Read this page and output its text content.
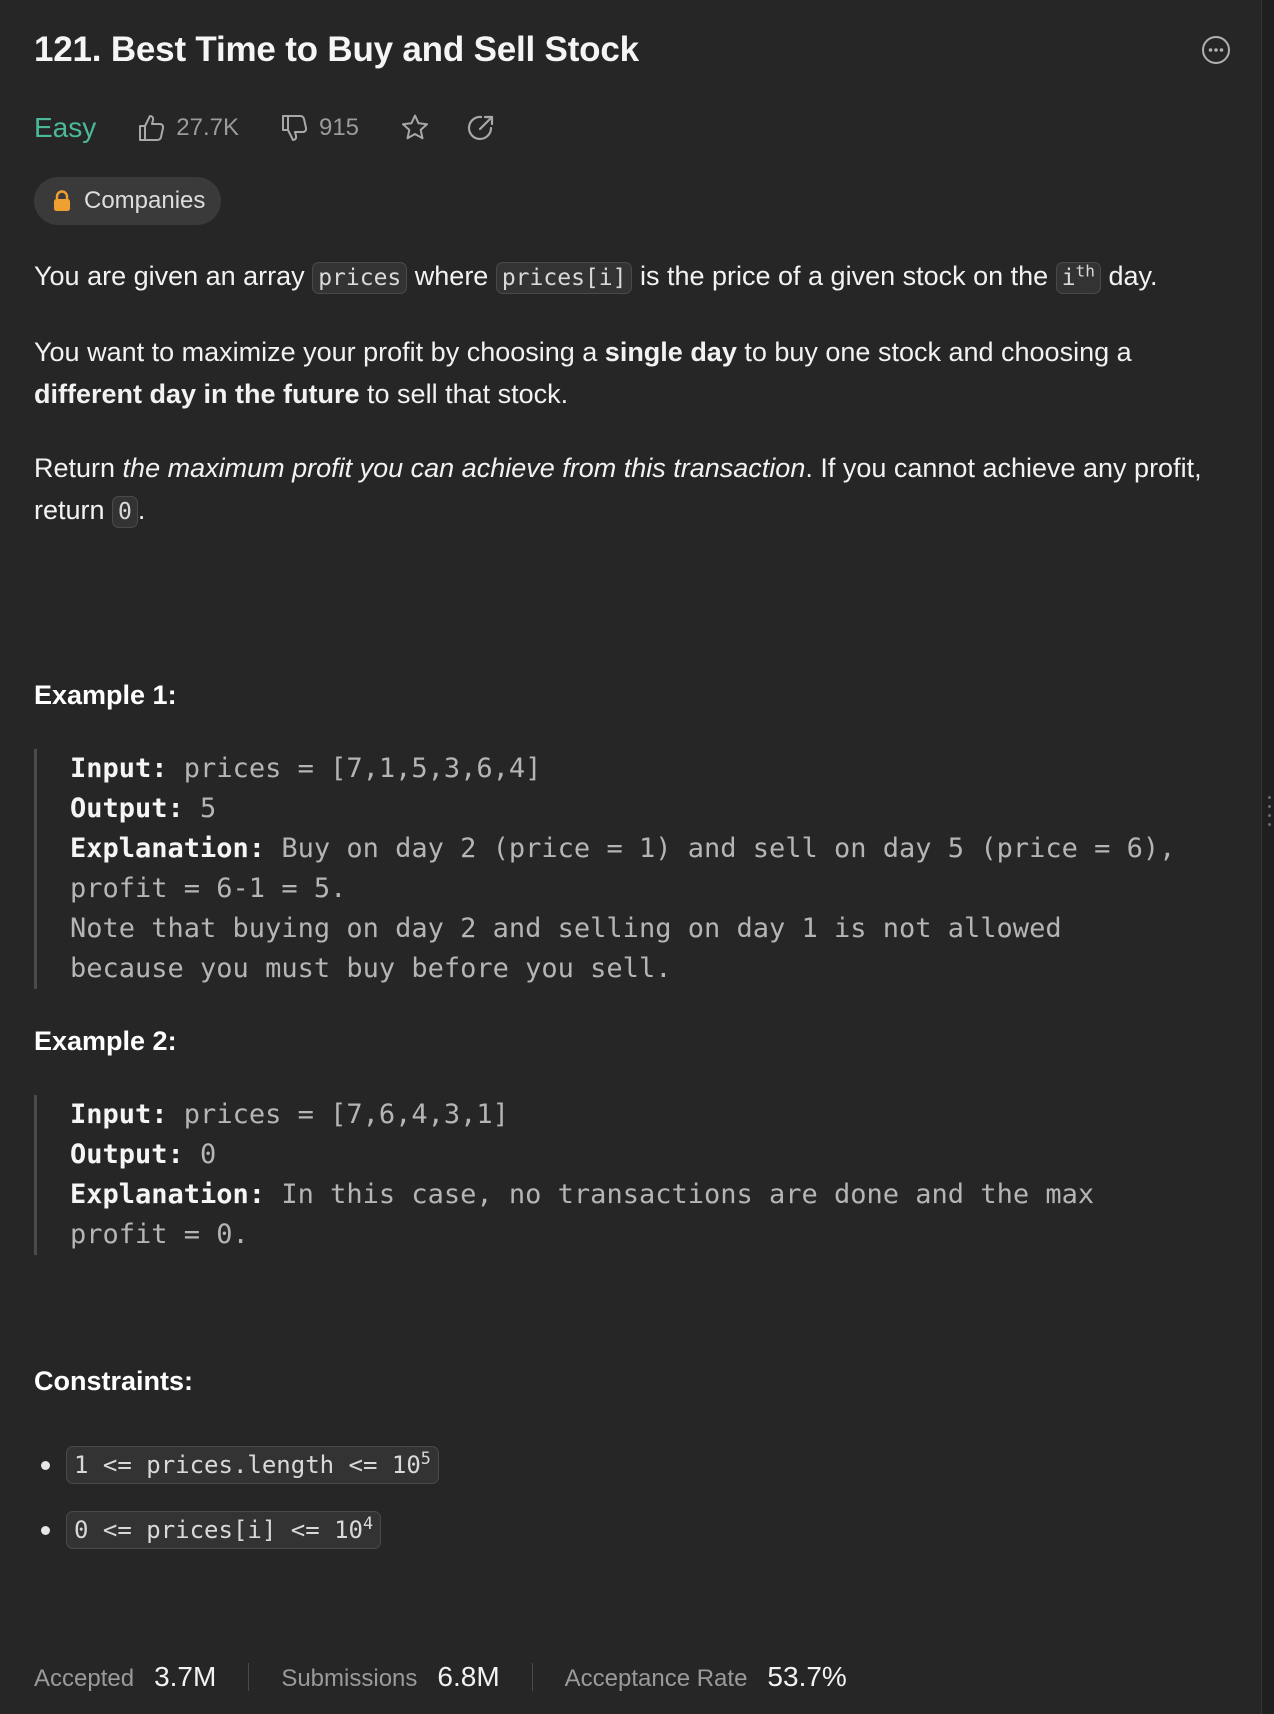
121. Best Time to Buy and Sell Stock
Easy	27.7K	915
Companies

You are given an array prices where prices[i] is the price of a given stock on the $i^{th}$ day.

You want to maximize your profit by choosing a single day to buy one stock and choosing a different day in the future to sell that stock.

Return the maximum profit you can achieve from this transaction. If you cannot achieve any profit, return 0 .

Example 1:
Input: prices = [7,1,5,3,6,4]
Output: 5
Explanation: Buy on day 2 (price = 1) and sell on day 5 (price = 6),
profit = 6-1 = 5.
Note that buying on day 2 and selling on day 1 is not allowed
because you must buy before you sell.
Example 2:
Input: prices = [7,6,4,3,1]
Output: 0
Explanation: In this case, no transactions are done and the max
profit = 0.
Constraints:
1 <= prices.length <= $10^5$
0 <= prices[i] <= $10^4$
Accepted 3.7M	Submissions 6.8M	Acceptance Rate 53.7%
